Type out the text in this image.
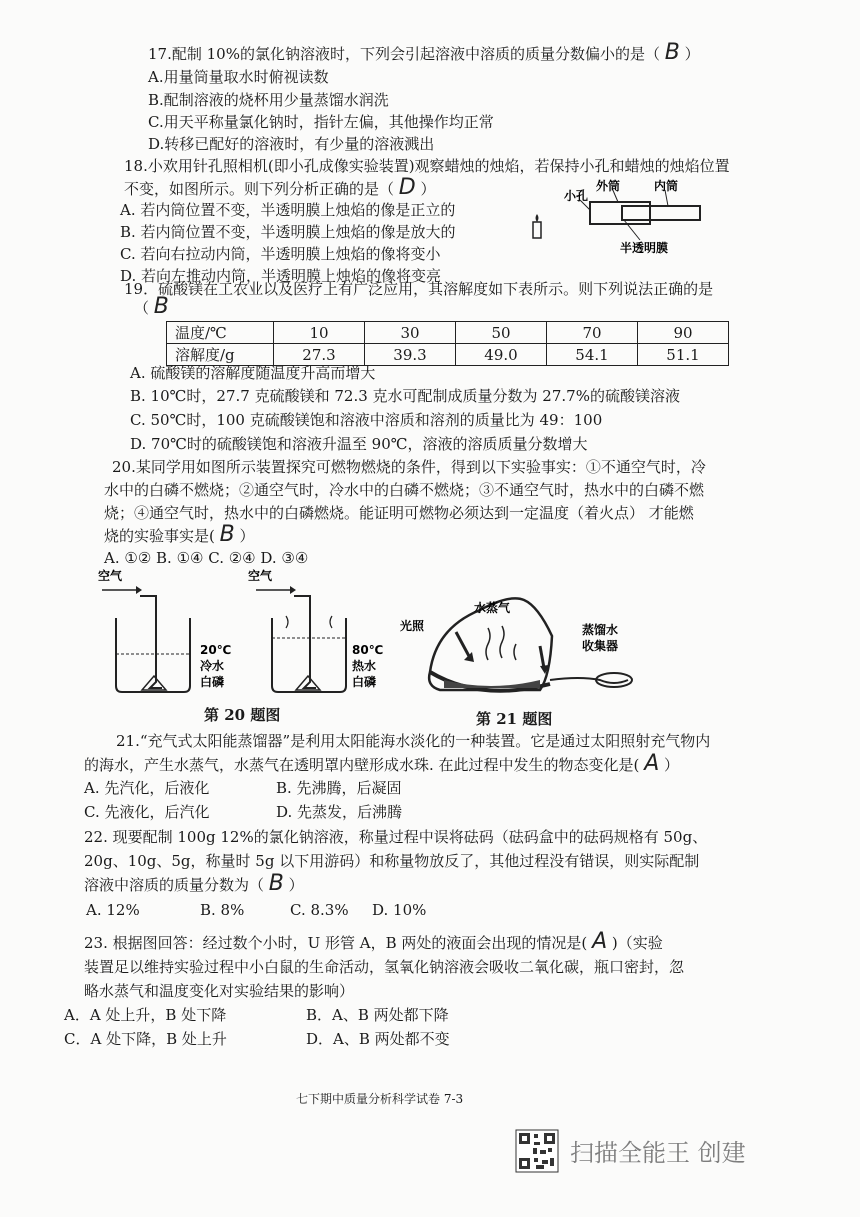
17.配制 10%的氯化钠溶液时，下列会引起溶液中溶质的质量分数偏小的是（ B ）
A.用量筒量取水时俯视读数
B.配制溶液的烧杯用少量蒸馏水润洗
C.用天平称量氯化钠时，指针左偏，其他操作均正常
D.转移已配好的溶液时，有少量的溶液溅出
18.小欢用针孔照相机(即小孔成像实验装置)观察蜡烛的烛焰，若保持小孔和蜡烛的烛焰位置
不变，如图所示。则下列分析正确的是（ D ）
A. 若内筒位置不变，半透明膜上烛焰的像是正立的
B. 若内筒位置不变，半透明膜上烛焰的像是放大的
C. 若向右拉动内筒，半透明膜上烛焰的像将变小
D. 若向左推动内筒，半透明膜上烛焰的像将变亮
外筒	内筒
小孔
半透明膜
19．硫酸镁在工农业以及医疗上有广泛应用，其溶解度如下表所示。则下列说法正确的是
（ B
温度/℃	10	30	50	70	90
溶解度/g	27.3	39.3	49.0	54.1	51.1
A. 硫酸镁的溶解度随温度升高而增大
B. 10℃时，27.7 克硫酸镁和 72.3 克水可配制成质量分数为 27.7%的硫酸镁溶液
C. 50℃时，100 克硫酸镁饱和溶液中溶质和溶剂的质量比为 49：100
D. 70℃时的硫酸镁饱和溶液升温至 90℃，溶液的溶质质量分数增大
20.某同学用如图所示装置探究可燃物燃烧的条件，得到以下实验事实：①不通空气时，冷
水中的白磷不燃烧；②通空气时，冷水中的白磷不燃烧；③不通空气时，热水中的白磷不燃
烧；④通空气时，热水中的白磷燃烧。能证明可燃物必须达到一定温度（着火点） 才能燃
烧的实验事实是( B ）
A. ①② B. ①④ C. ②④ D. ③④
空气
20℃
冷水
白磷
空气
80℃
热水
白磷
第 20 题图
光照
水蒸气
蒸馏水
收集器
第 21 题图
21.“充气式太阳能蒸馏器”是利用太阳能海水淡化的一种装置。它是通过太阳照射充气物内
的海水，产生水蒸气，水蒸气在透明罩内壁形成水珠. 在此过程中发生的物态变化是( A ）
A. 先汽化，后液化	B. 先沸腾，后凝固
C. 先液化，后汽化	D. 先蒸发，后沸腾
22. 现要配制 100g 12%的氯化钠溶液，称量过程中误将砝码（砝码盒中的砝码规格有 50g、
20g、10g、5g，称量时 5g 以下用游码）和称量物放反了，其他过程没有错误，则实际配制
溶液中溶质的质量分数为（ B ）
A. 12%	B. 8%	C. 8.3% D. 10%
23. 根据图回答：经过数个小时，U 形管 A，B 两处的液面会出现的情况是( A )（实验
装置足以维持实验过程中小白鼠的生命活动，氢氧化钠溶液会吸收二氧化碳，瓶口密封，忽
略水蒸气和温度变化对实验结果的影响）
A．A 处上升，B 处下降	B．A、B 两处都下降
C．A 处下降，B 处上升	D．A、B 两处都不变
七下期中质量分析科学试卷 7-3
扫描全能王 创建
